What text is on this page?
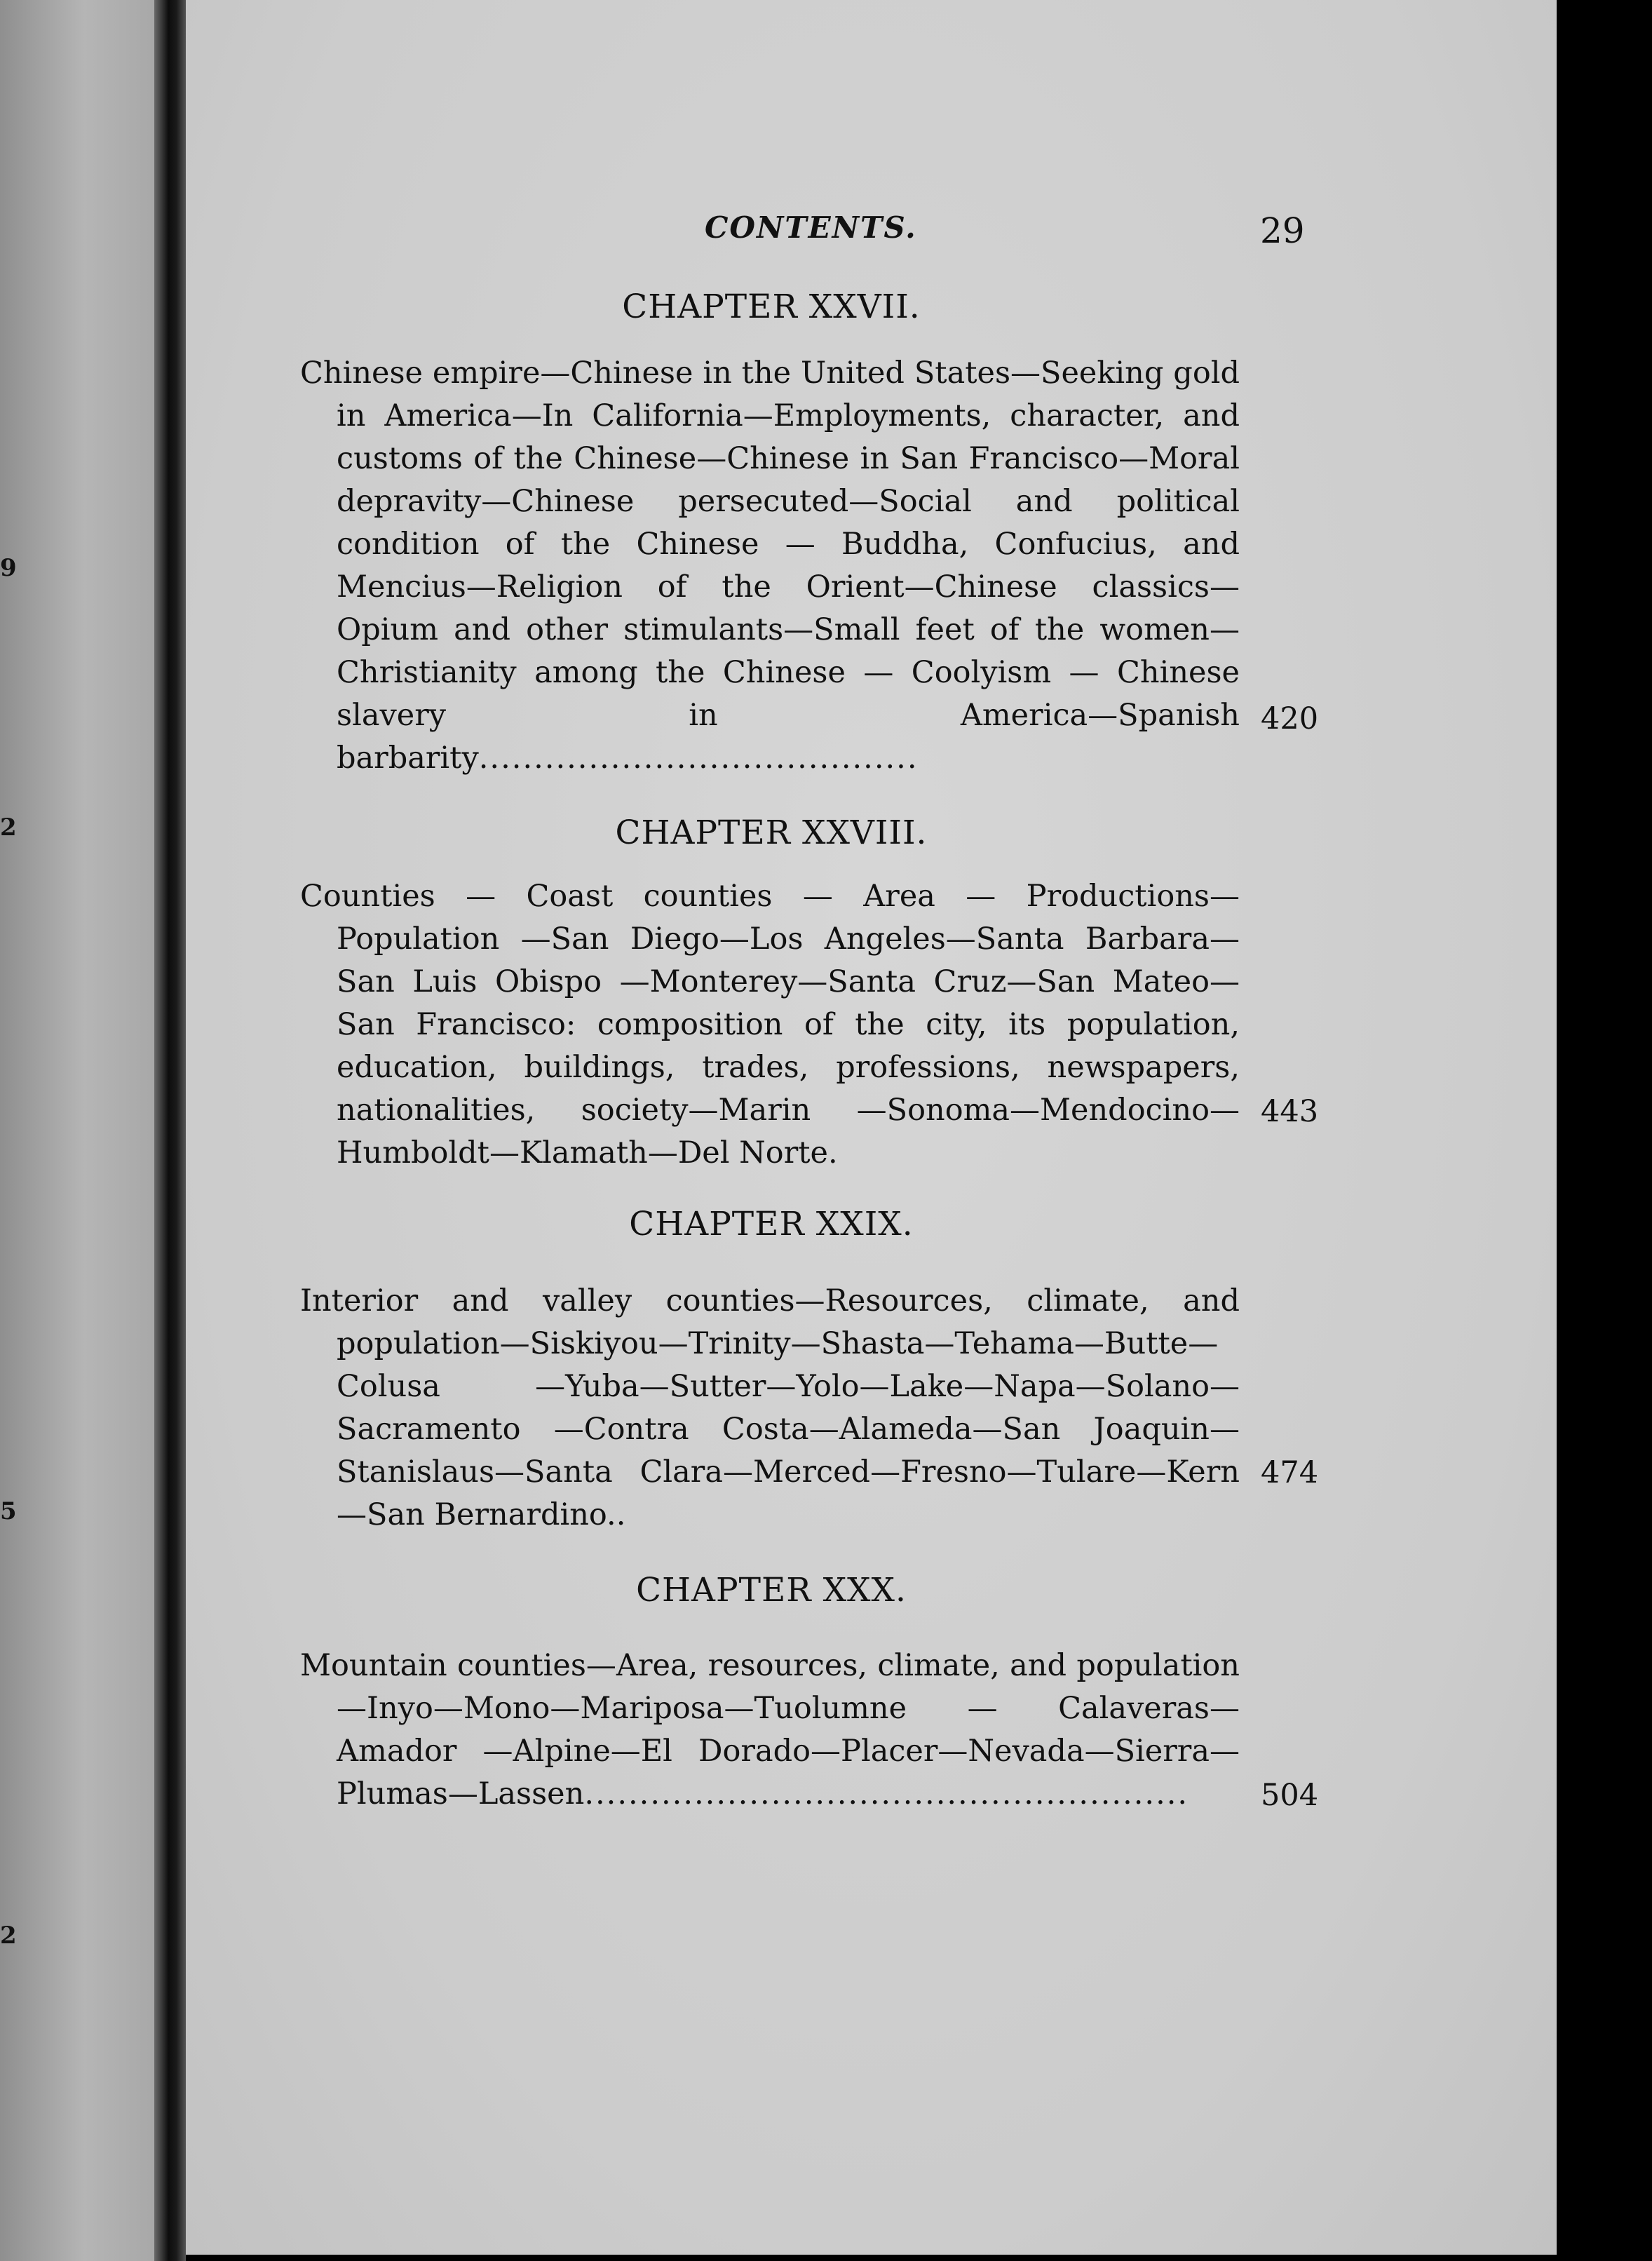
9
2
5
2
CONTENTS.	29
CHAPTER XXVII.
Chinese empire—Chinese in the United States—Seeking gold in America—In California—Employments, character, and customs of the Chinese—Chinese in San Francisco—Moral depravity—Chinese persecuted—Social and political condition of the Chinese — Buddha, Confucius, and Mencius—Religion of the Orient—Chinese classics—Opium and other stimulants—Small feet of the women—Christianity among the Chinese — Coolyism — Chinese slavery in America—Spanish barbarity........................................
420
CHAPTER XXVIII.
Counties — Coast counties — Area — Productions—Population —San Diego—Los Angeles—Santa Barbara—San Luis Obispo —Monterey—Santa Cruz—San Mateo—San Francisco: composition of the city, its population, education, buildings, trades, professions, newspapers, nationalities, society—Marin —Sonoma—Mendocino—Humboldt—Klamath—Del Norte.
443
CHAPTER XXIX.
Interior and valley counties—Resources, climate, and population—Siskiyou—Trinity—Shasta—Tehama—Butte—Colusa —Yuba—Sutter—Yolo—Lake—Napa—Solano—Sacramento —Contra Costa—Alameda—San Joaquin—Stanislaus—Santa Clara—Merced—Fresno—Tulare—Kern—San Bernardino..
474
CHAPTER XXX.
Mountain counties—Area, resources, climate, and population—Inyo—Mono—Mariposa—Tuolumne — Calaveras—Amador —Alpine—El Dorado—Placer—Nevada—Sierra—Plumas—Lassen.......................................................	504
